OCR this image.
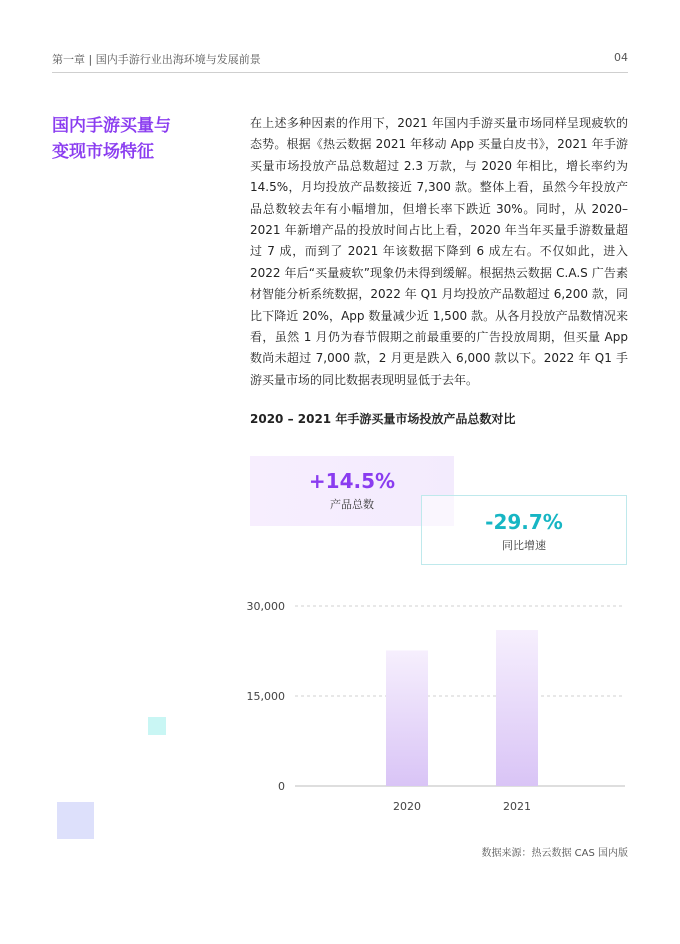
第一章 | 国内手游行业出海环境与发展前景	04
国内手游买量与
变现市场特征
在上述多种因素的作用下，2021 年国内手游买量市场同样呈现疲软的态势。根据《热云数据 2021 年移动 App 买量白皮书》，2021 年手游买量市场投放产品总数超过 2.3 万款，与 2020 年相比，增长率约为 14.5%，月均投放产品数接近 7,300 款。整体上看，虽然今年投放产品总数较去年有小幅增加，但增长率下跌近 30%。同时，从 2020–2021 年新增产品的投放时间占比上看，2020 年当年买量手游数量超过 7 成，而到了 2021 年该数据下降到 6 成左右。不仅如此，进入 2022 年后“买量疲软”现象仍未得到缓解。根据热云数据 C.A.S 广告素材智能分析系统数据，2022 年 Q1 月均投放产品数超过 6,200 款，同比下降近 20%，App 数量减少近 1,500 款。从各月投放产品数情况来看，虽然 1 月仍为春节假期之前最重要的广告投放周期，但买量 App 数尚未超过 7,000 款，2 月更是跌入 6,000 款以下。2022 年 Q1 手游买量市场的同比数据表现明显低于去年。
2020 – 2021 年手游买量市场投放产品总数对比
+14.5%
产品总数
-29.7%
同比增速
0
15,000
30,000
2020	2021
数据来源：热云数据 CAS 国内版
